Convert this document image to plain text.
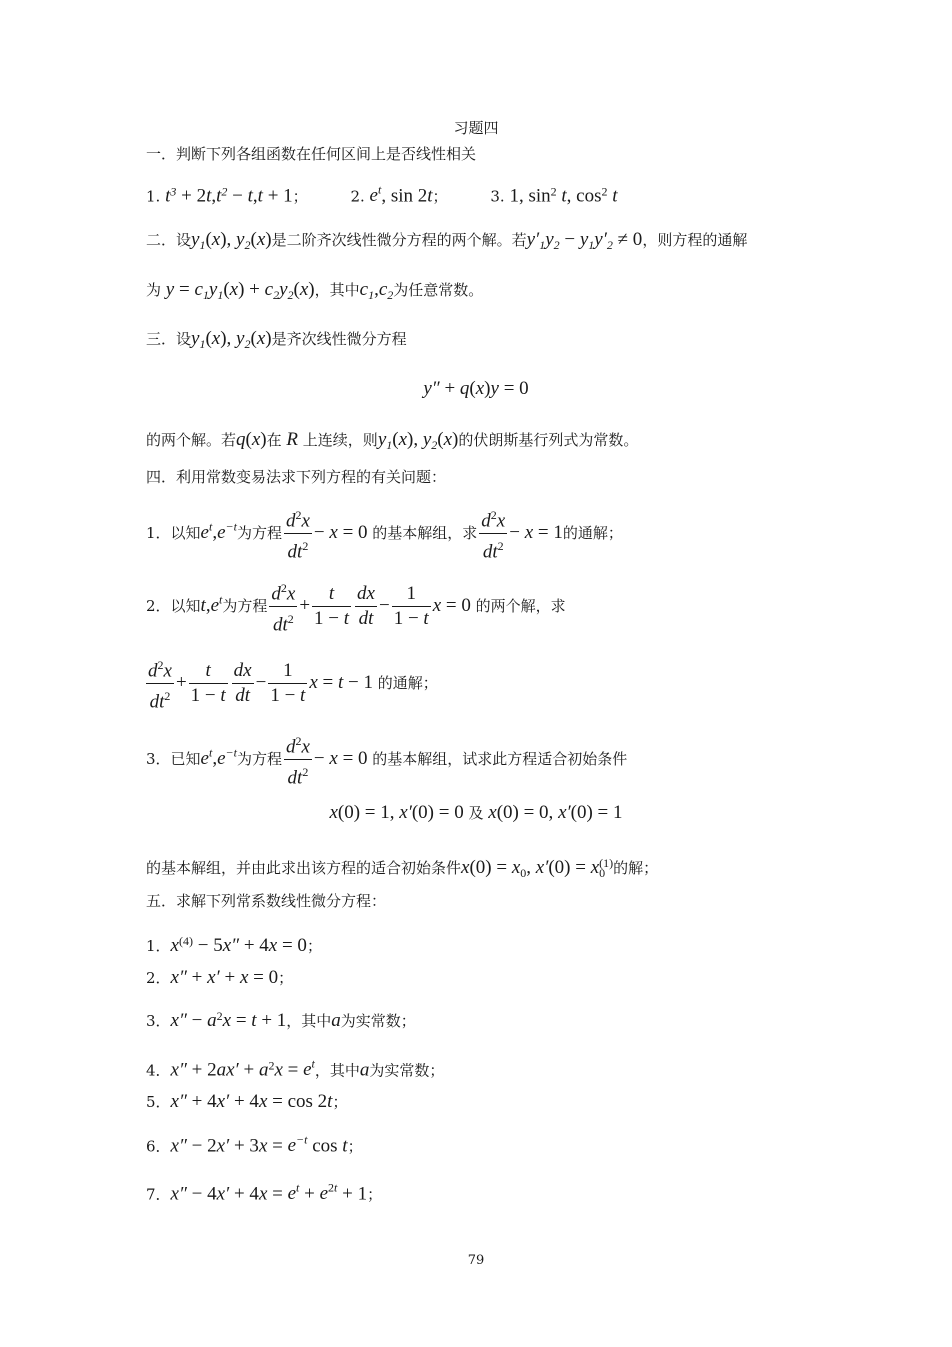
习题四
一．判断下列各组函数在任何区间上是否线性相关
1. $t^3 + 2t,t^2 - t,t + 1$；	2. $e^t$, sin 2t；	3. 1, $\sin^2 t$, $\cos^2 t$
二．设$y_1(x)$, $y_2(x)$是二阶齐次线性微分方程的两个解。若$y'_1y_2 - y_1y'_2 \ne 0$，则方程的通解
为 $y = c_1y_1(x) + c_2y_2(x)$，其中$c_1,c_2$为任意常数。
三．设$y_1(x)$, $y_2(x)$是齐次线性微分方程
y″ + q(x)y = 0
的两个解。若q(x)在 R 上连续，则$y_1(x)$, $y_2(x)$的伏朗斯基行列式为常数。
四．利用常数变易法求下列方程的有关问题：
1．以知$e^t,e^{-t}$为方程 $\frac{d^2x}{dt^2} - x = 0$ 的基本解组，求 $\frac{d^2x}{dt^2} - x = 1$的通解；
2．以知$t,e^t$为方程 $\frac{d^2x}{dt^2} + \frac{t}{1 - t} \frac{dx}{dt} - \frac{1}{1 - t}$ x = 0 的两个解，求
$\frac{d^2x}{dt^2} + \frac{t}{1 - t} \frac{dx}{dt} - \frac{1}{1 - t}$ x = t − 1 的通解；
3．已知$e^t,e^{-t}$为方程 $\frac{d^2x}{dt^2} - x = 0$ 的基本解组，试求此方程适合初始条件
x(0) = 1, x′(0) = 0 及 x(0) = 0, x′(0) = 1
的基本解组，并由此求出该方程的适合初始条件$x(0) = x_0$, $x'(0) = x_0^{(1)}$的解；
五．求解下列常系数线性微分方程：
1．$x^{(4)} - 5x'' + 4x = 0$；
2．x″ + x′ + x = 0；
3．$x'' - a^2x = t + 1$，其中a为实常数；
4．$x'' + 2ax' + a^2x = e^t$，其中a为实常数；
5．x″ + 4x′ + 4x = cos 2t；
6．$x'' - 2x' + 3x = e^{-t}$ cos t；
7．$x'' - 4x' + 4x = e^t + e^{2t} + 1$；
79
